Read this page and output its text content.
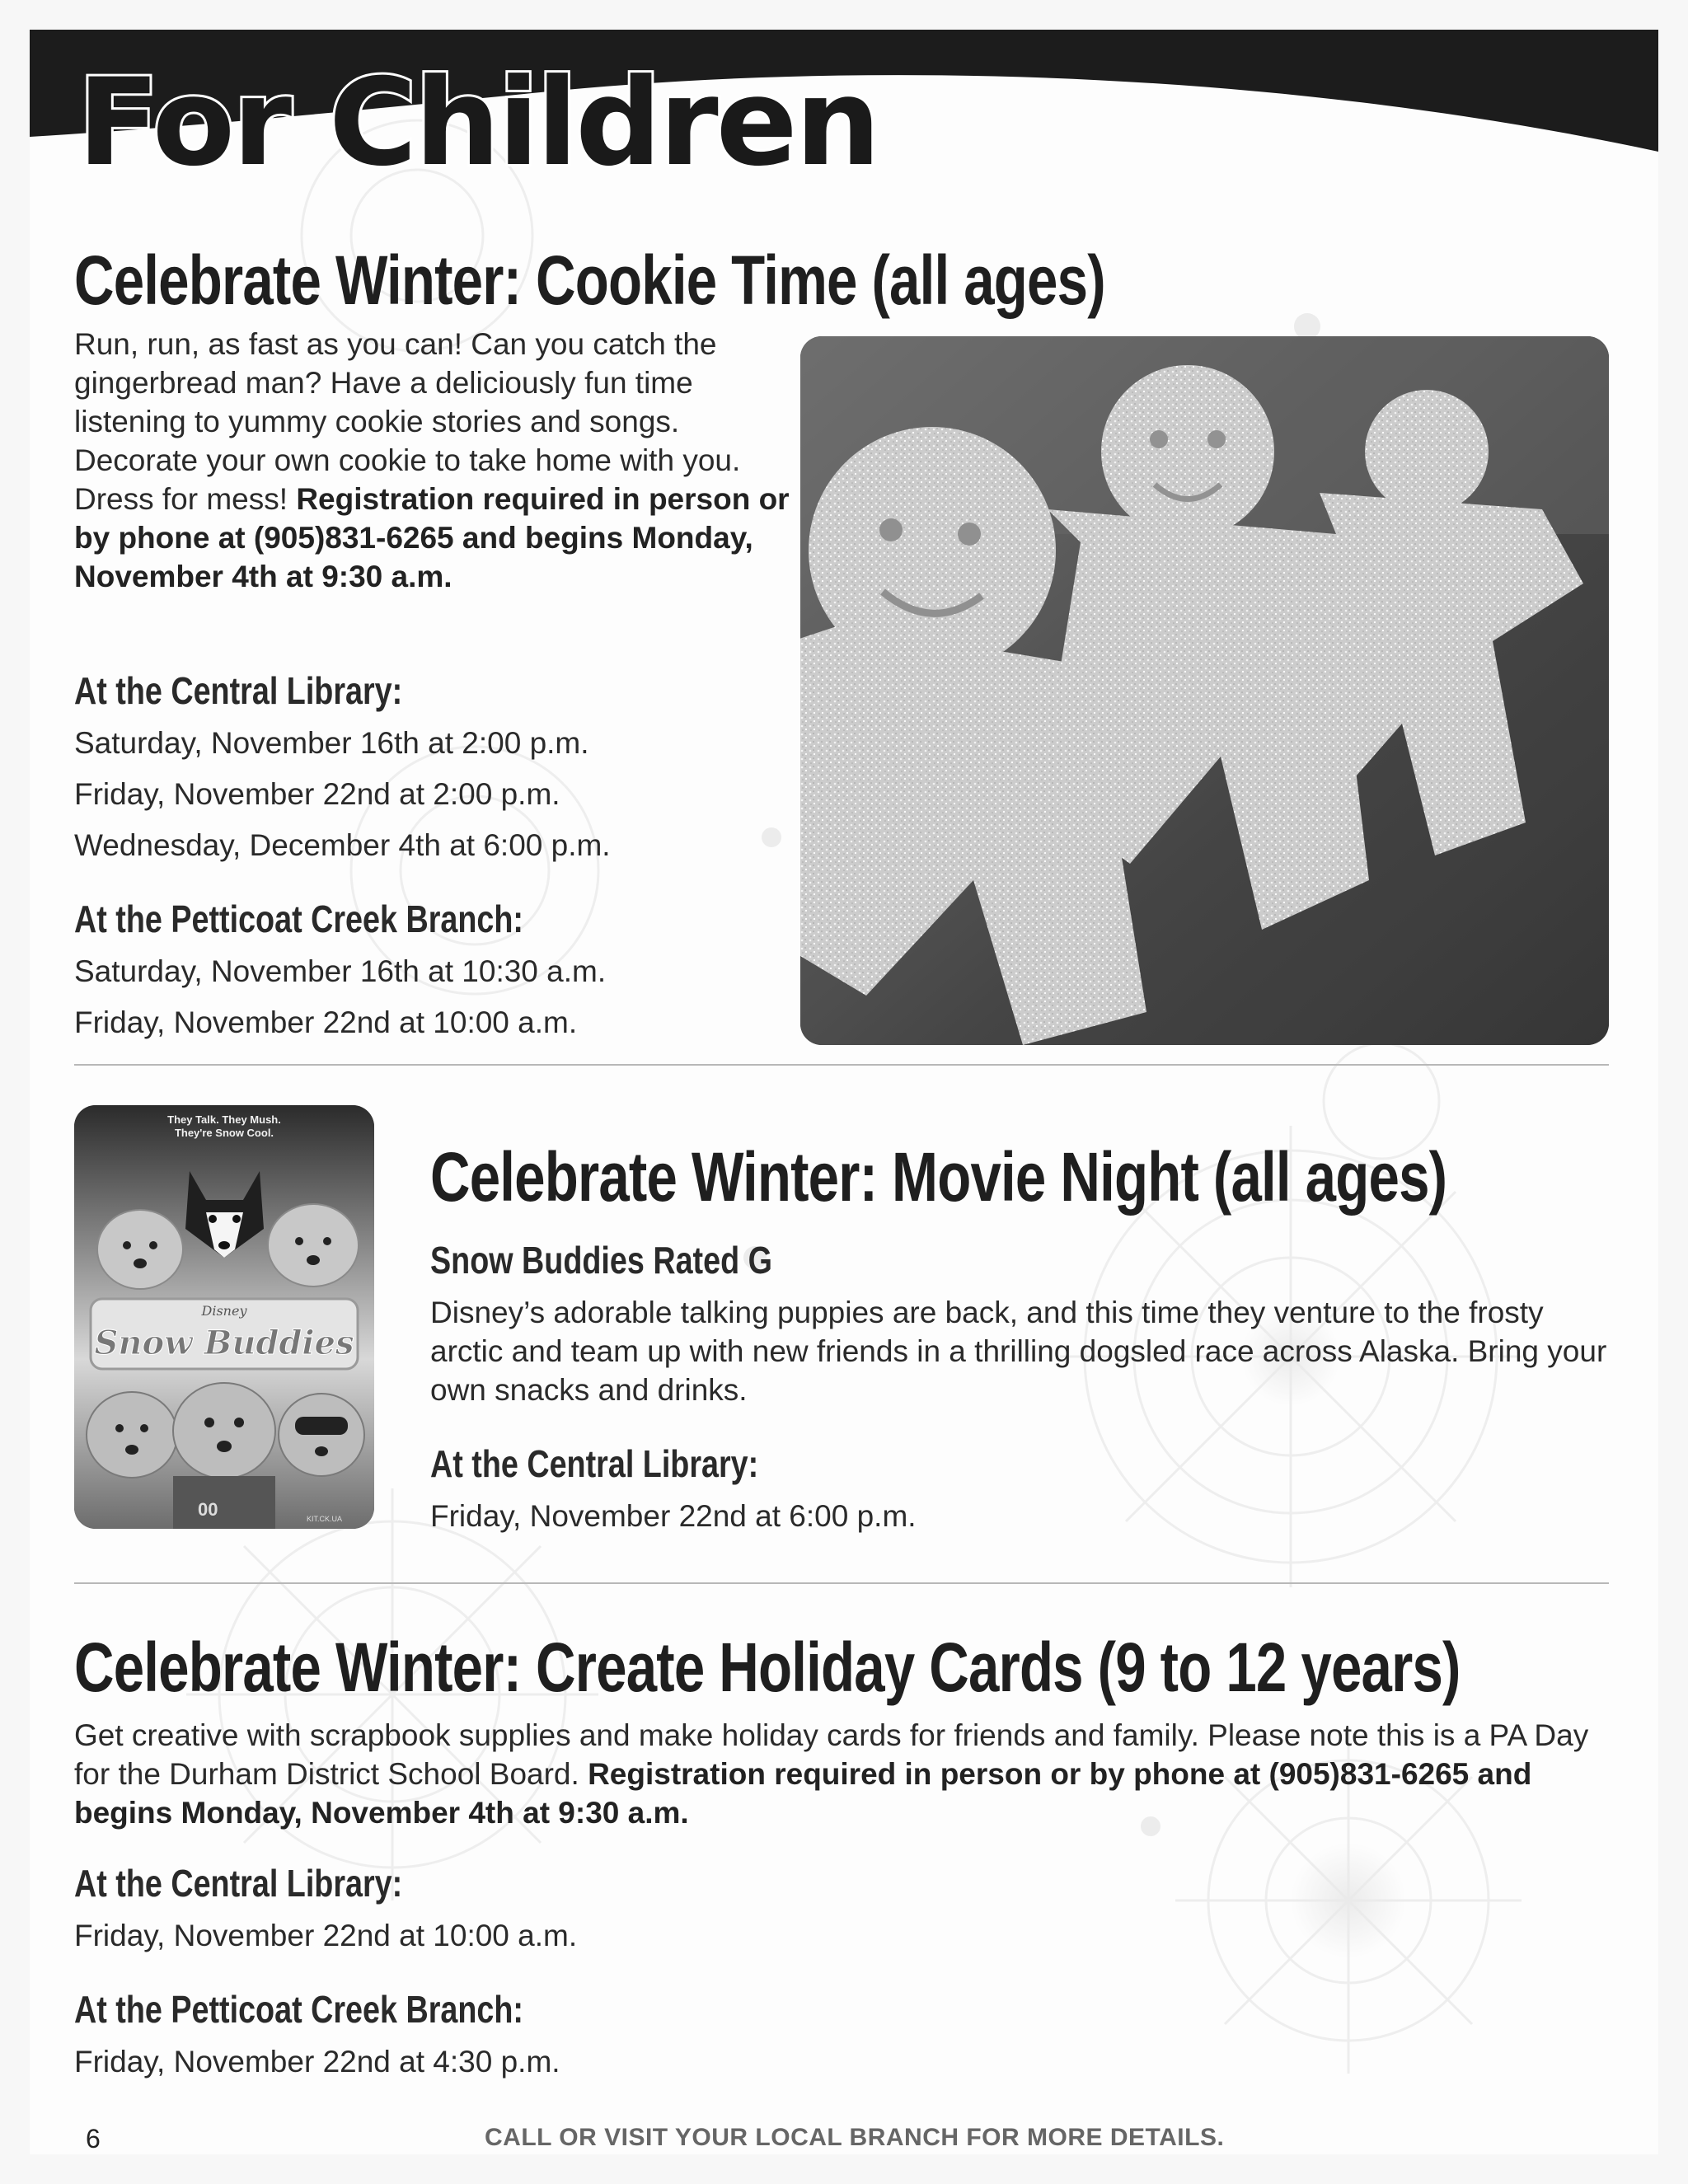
For Children
Celebrate Winter: Cookie Time (all ages)

Run, run, as fast as you can! Can you catch the gingerbread man? Have a deliciously fun time listening to yummy cookie stories and songs. Decorate your own cookie to take home with you. Dress for mess! Registration required in person or by phone at (905)831-6265 and begins Monday, November 4th at 9:30 a.m.

At the Central Library:
Saturday, November 16th at 2:00 p.m.
Friday, November 22nd at 2:00 p.m.
Wednesday, December 4th at 6:00 p.m.
At the Petticoat Creek Branch:
Saturday, November 16th at 10:30 a.m.
Friday, November 22nd at 10:00 a.m.
They Talk. They Mush.
They're Snow Cool.
Disney
Snow Buddies
00	KIT.CK.UA
Celebrate Winter: Movie Night (all ages)
Snow Buddies Rated G

Disney’s adorable talking puppies are back, and this time they venture to the frosty arctic and team up with new friends in a thrilling dogsled race across Alaska. Bring your own snacks and drinks.

At the Central Library:
Friday, November 22nd at 6:00 p.m.
Celebrate Winter: Create Holiday Cards (9 to 12 years)

Get creative with scrapbook supplies and make holiday cards for friends and family. Please note this is a PA Day for the Durham District School Board. Registration required in person or by phone at (905)831-6265 and begins Monday, November 4th at 9:30 a.m.

At the Central Library:
Friday, November 22nd at 10:00 a.m.
At the Petticoat Creek Branch:
Friday, November 22nd at 4:30 p.m.
6	CALL OR VISIT YOUR LOCAL BRANCH FOR MORE DETAILS.
